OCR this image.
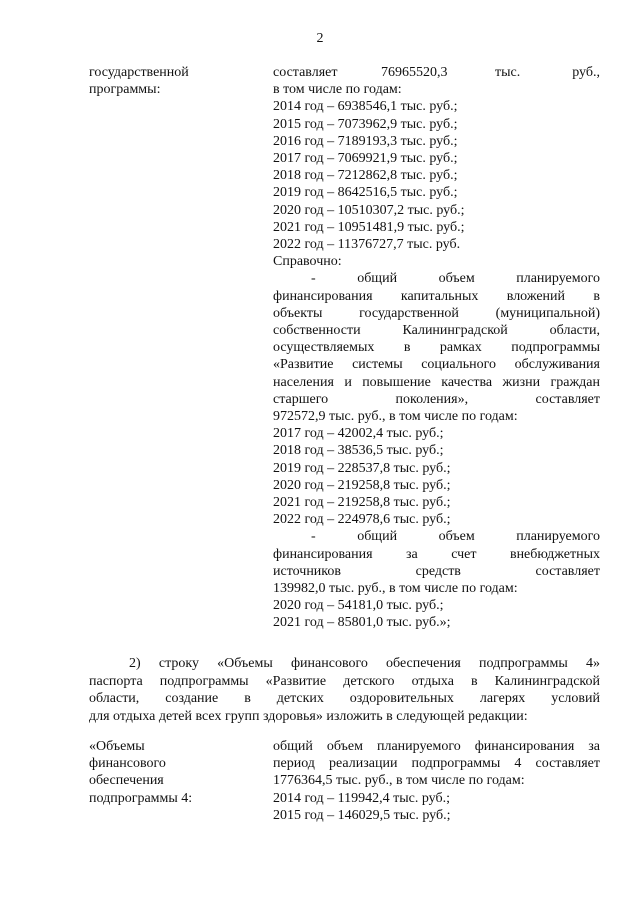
2
государственной
программы:
составляет	76965520,3	тыс.	руб.,
в том числе по годам:
2014 год – 6938546,1 тыс. руб.;
2015 год – 7073962,9 тыс. руб.;
2016 год – 7189193,3 тыс. руб.;
2017 год – 7069921,9 тыс. руб.;
2018 год – 7212862,8 тыс. руб.;
2019 год – 8642516,5 тыс. руб.;
2020 год – 10510307,2 тыс. руб.;
2021 год – 10951481,9 тыс. руб.;
2022 год – 11376727,7 тыс. руб.
Справочно:
- общий объем планируемого
финансирования капитальных вложений в
объекты государственной (муниципальной)
собственности Калининградской области,
осуществляемых в рамках подпрограммы
«Развитие системы социального обслуживания
населения и повышение качества жизни граждан
старшего поколения», составляет
972572,9 тыс. руб., в том числе по годам:
2017 год – 42002,4 тыс. руб.;
2018 год – 38536,5 тыс. руб.;
2019 год – 228537,8 тыс. руб.;
2020 год – 219258,8 тыс. руб.;
2021 год – 219258,8 тыс. руб.;
2022 год – 224978,6 тыс. руб.;
- общий объем планируемого
финансирования за счет внебюджетных
источников средств составляет
139982,0 тыс. руб., в том числе по годам:
2020 год – 54181,0 тыс. руб.;
2021 год – 85801,0 тыс. руб.»;
2) строку «Объемы финансового обеспечения подпрограммы 4»
паспорта подпрограммы «Развитие детского отдыха в Калининградской
области, создание в детских оздоровительных лагерях условий
для отдыха детей всех групп здоровья» изложить в следующей редакции:
«Объемы
финансового
обеспечения
подпрограммы 4:
общий объем планируемого финансирования за
период реализации подпрограммы 4 составляет
1776364,5 тыс. руб., в том числе по годам:
2014 год – 119942,4 тыс. руб.;
2015 год – 146029,5 тыс. руб.;
